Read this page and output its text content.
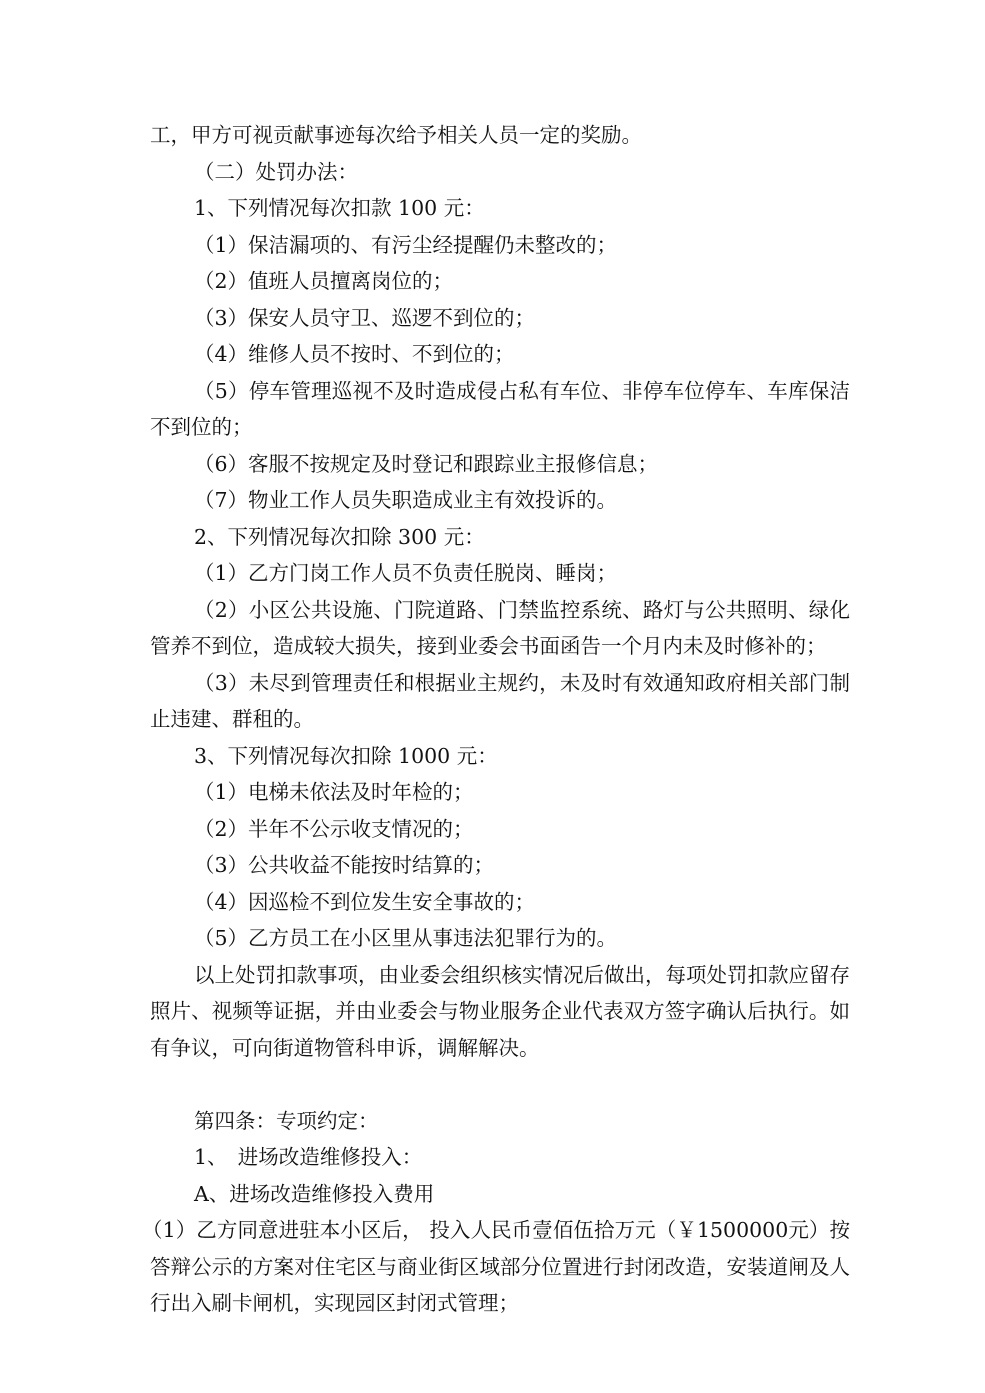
工，甲方可视贡献事迹每次给予相关人员一定的奖励。

（二）处罚办法：

1、下列情况每次扣款 100 元：

（1）保洁漏项的、有污尘经提醒仍未整改的；

（2）值班人员擅离岗位的；

（3）保安人员守卫、巡逻不到位的；

（4）维修人员不按时、不到位的；

（5）停车管理巡视不及时造成侵占私有车位、非停车位停车、车库保洁不到位的；

（6）客服不按规定及时登记和跟踪业主报修信息；

（7）物业工作人员失职造成业主有效投诉的。

2、下列情况每次扣除 300 元：

（1）乙方门岗工作人员不负责任脱岗、睡岗；

（2）小区公共设施、门院道路、门禁监控系统、路灯与公共照明、绿化管养不到位，造成较大损失，接到业委会书面函告一个月内未及时修补的；

（3）未尽到管理责任和根据业主规约，未及时有效通知政府相关部门制止违建、群租的。

3、下列情况每次扣除 1000 元：

（1）电梯未依法及时年检的；

（2）半年不公示收支情况的；

（3）公共收益不能按时结算的；

（4）因巡检不到位发生安全事故的；

（5）乙方员工在小区里从事违法犯罪行为的。

以上处罚扣款事项，由业委会组织核实情况后做出，每项处罚扣款应留存照片、视频等证据，并由业委会与物业服务企业代表双方签字确认后执行。如有争议，可向街道物管科申诉，调解解决。

第四条：专项约定：

1、　进场改造维修投入：

A、进场改造维修投入费用

（1）乙方同意进驻本小区后， 投入人民币壹佰伍拾万元（￥1500000元）按答辩公示的方案对住宅区与商业街区域部分位置进行封闭改造，安装道闸及人行出入刷卡闸机，实现园区封闭式管理；
